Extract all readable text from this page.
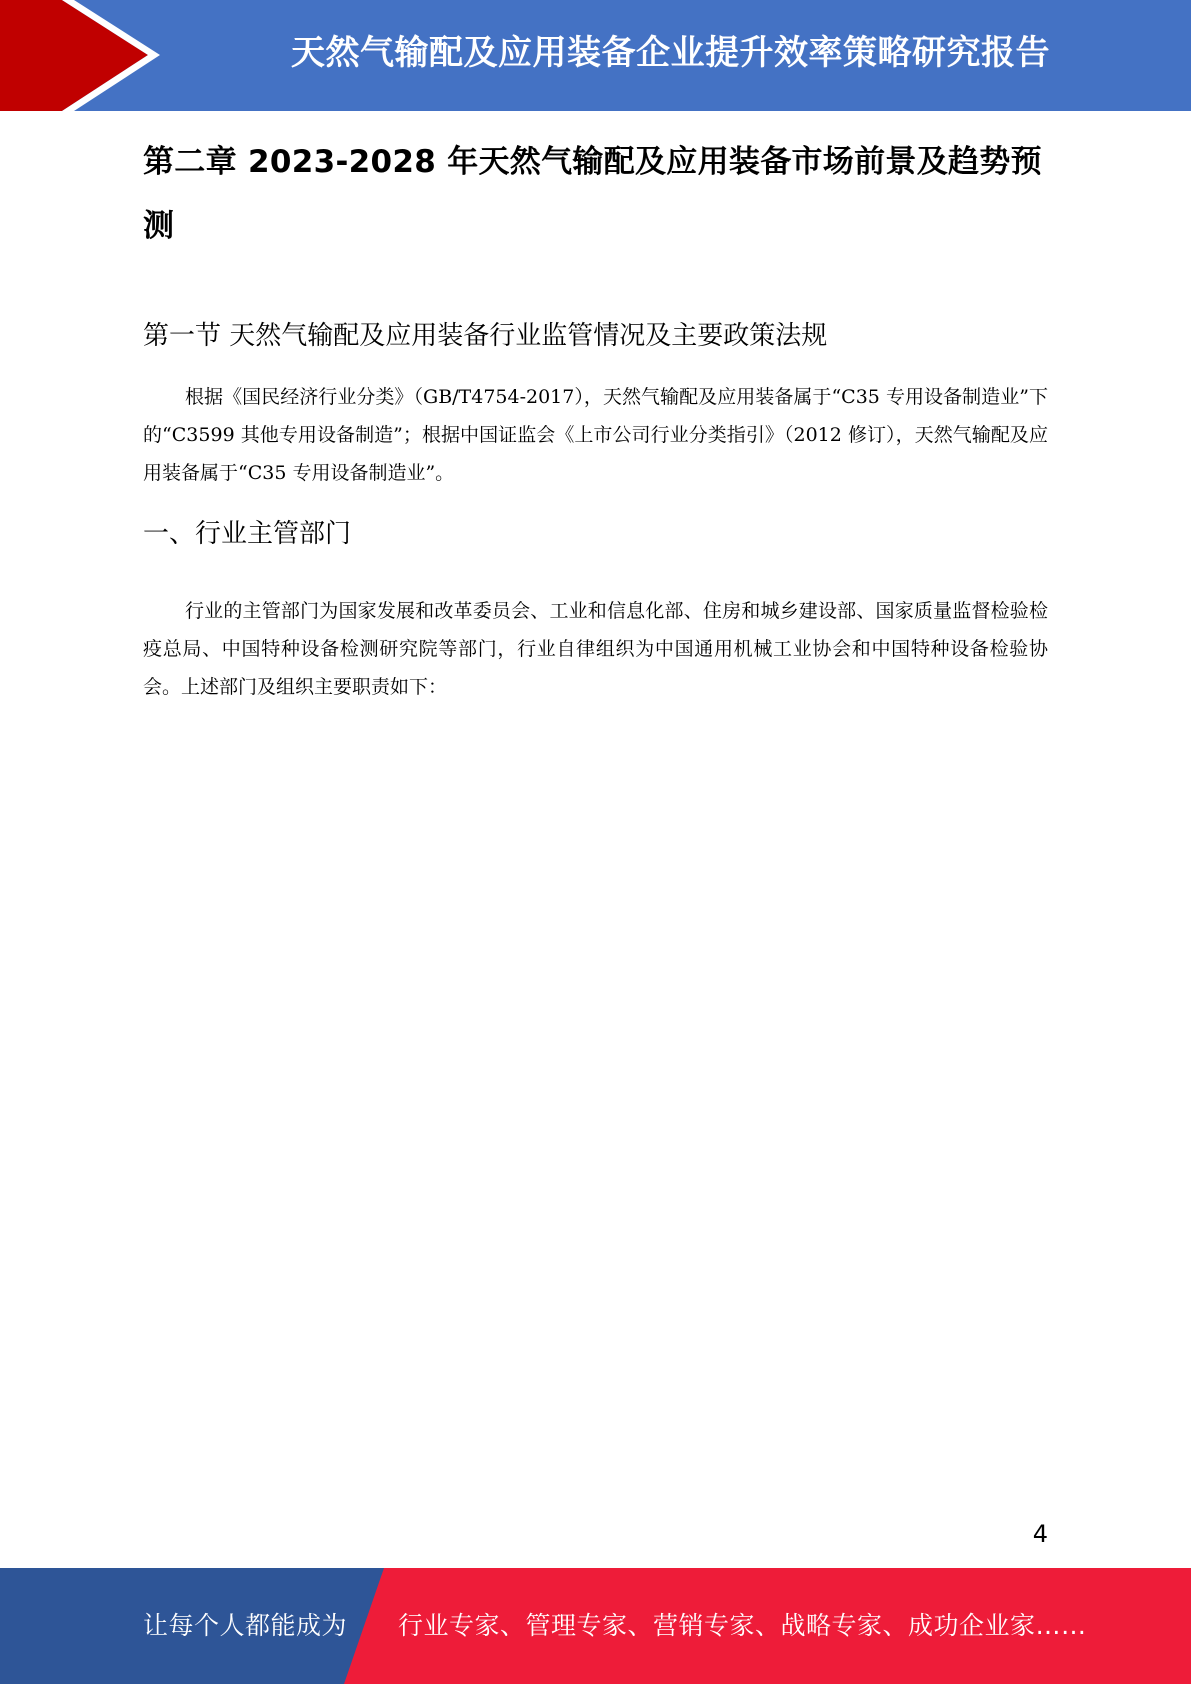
天然气输配及应用装备企业提升效率策略研究报告
第二章 2023-2028 年天然气输配及应用装备市场前景及趋势预测
第一节 天然气输配及应用装备行业监管情况及主要政策法规

根据《国民经济行业分类》（GB/T4754-2017），天然气输配及应用装备属于“C35 专用设备制造业”下的“C3599 其他专用设备制造”；根据中国证监会《上市公司行业分类指引》（2012 修订），天然气输配及应用装备属于“C35 专用设备制造业”。

一、行业主管部门

行业的主管部门为国家发展和改革委员会、工业和信息化部、住房和城乡建设部、国家质量监督检验检疫总局、中国特种设备检测研究院等部门，行业自律组织为中国通用机械工业协会和中国特种设备检验协会。上述部门及组织主要职责如下：

4
让每个人都能成为 行业专家、管理专家、营销专家、战略专家、成功企业家……
